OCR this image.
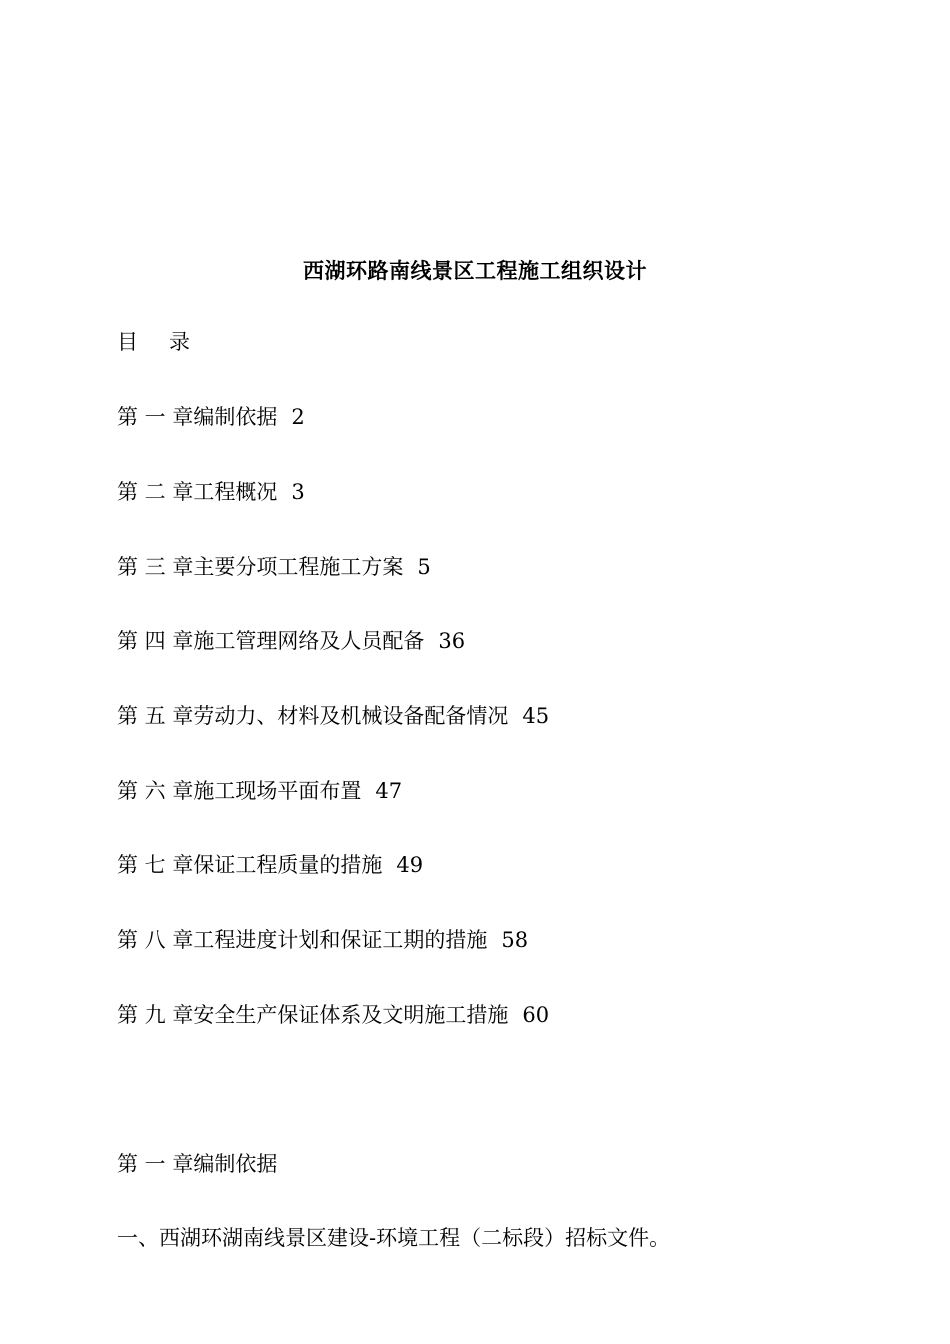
西湖环路南线景区工程施工组织设计
目 录
第 一 章编制依据 2
第 二 章工程概况 3
第 三 章主要分项工程施工方案 5
第 四 章施工管理网络及人员配备 36
第 五 章劳动力、材料及机械设备配备情况 45
第 六 章施工现场平面布置 47
第 七 章保证工程质量的措施 49
第 八 章工程进度计划和保证工期的措施 58
第 九 章安全生产保证体系及文明施工措施 60
第 一 章编制依据
一、西湖环湖南线景区建设-环境工程（二标段）招标文件。
